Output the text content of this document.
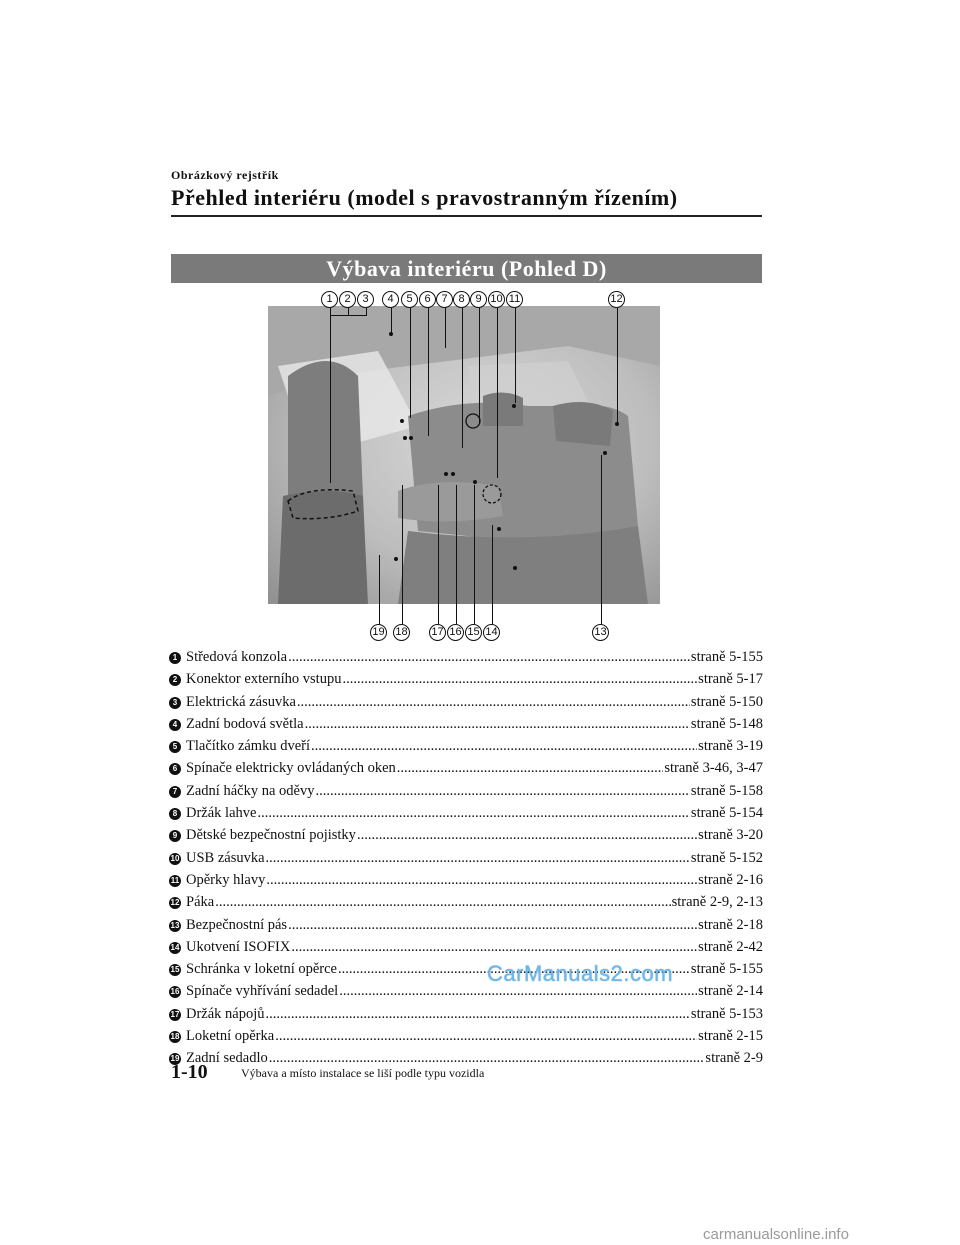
Obrázkový rejstřík
Přehled interiéru (model s pravostranným řízením)
Výbava interiéru (Pohled D)
1	2	3	4	5	6 7 8 9 10 11	12
19 18 17 16 15 14	13
1 Středová konzola .....	straně 5-155
2 Konektor externího vstupu .....	straně 5-17
3 Elektrická zásuvka .....	straně 5-150
4 Zadní bodová světla .....	straně 5-148
5 Tlačítko zámku dveří .....	straně 3-19
6 Spínače elektricky ovládaných oken .....	straně 3-46, 3-47
7 Zadní háčky na oděvy .....	straně 5-158
8 Držák lahve .....	straně 5-154
9 Dětské bezpečnostní pojistky .....	straně 3-20
10 USB zásuvka .....	straně 5-152
11 Opěrky hlavy .....	straně 2-16
12 Páka .....	straně 2-9, 2-13
13 Bezpečnostní pás .....	straně 2-18
14 Ukotvení ISOFIX .....	straně 2-42
15 Schránka v loketní opěrce .....	straně 5-155
16 Spínače vyhřívání sedadel .....	straně 2-14
17 Držák nápojů .....	straně 5-153
18 Loketní opěrka .....	straně 2-15
19 Zadní sedadlo .....	straně 2-9
CarManuals2.com
1-10	Výbava a místo instalace se liší podle typu vozidla
carmanualsonline.info
